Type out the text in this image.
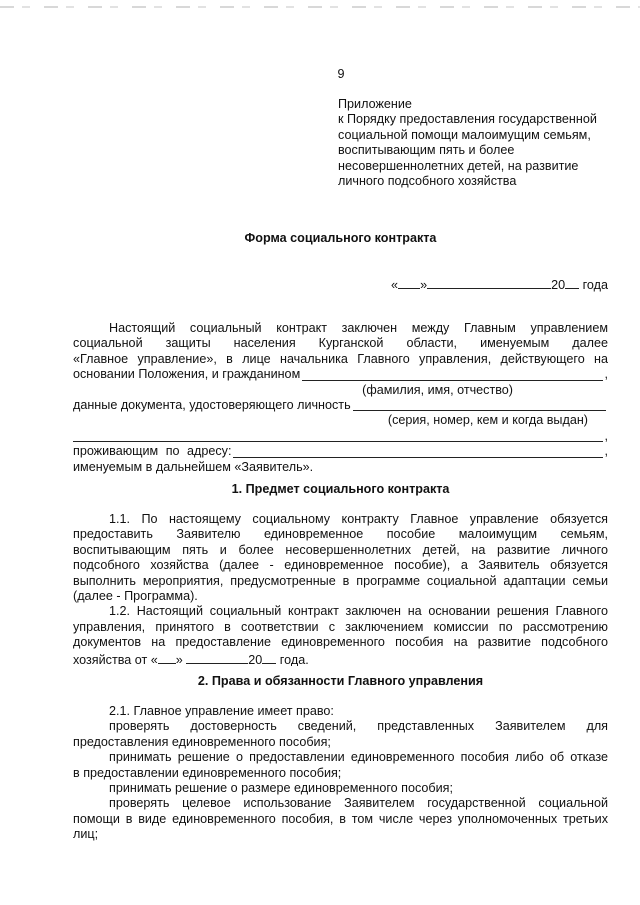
9
Приложение
к Порядку предоставления государственной
социальной помощи малоимущим семьям,
воспитывающим пять и более
несовершеннолетних детей, на развитие
личного подсобного хозяйства
Форма социального контракта
« »	20 года

Настоящий социальный контракт заключен между Главным управлением

социальной защиты населения Курганской области, именуемым далее

«Главное управление», в лице начальника Главного управления, действующего на

основании Положения, и гражданином	,
(фамилия, имя, отчество)
данные документа, удостоверяющего личность
(серия, номер, кем и когда выдан)
,
проживающим по адресу:	,

именуемым в дальнейшем «Заявитель».

1. Предмет социального контракта

1.1. По настоящему социальному контракту Главное управление обязуется

предоставить Заявителю единовременное пособие малоимущим семьям,

воспитывающим пять и более несовершеннолетних детей, на развитие личного

подсобного хозяйства (далее - единовременное пособие), а Заявитель обязуется

выполнить мероприятия, предусмотренные в программе социальной адаптации семьи

(далее - Программа).

1.2. Настоящий социальный контракт заключен на основании решения Главного

управления, принятого в соответствии с заключением комиссии по рассмотрению

документов на предоставление единовременного пособия на развитие подсобного

хозяйства от « »	20 года.

2. Права и обязанности Главного управления

2.1. Главное управление имеет право:

проверять достоверность сведений, представленных Заявителем для

предоставления единовременного пособия;

принимать решение о предоставлении единовременного пособия либо об отказе

в предоставлении единовременного пособия;

принимать решение о размере единовременного пособия;

проверять целевое использование Заявителем государственной социальной

помощи в виде единовременного пособия, в том числе через уполномоченных третьих

лиц;
